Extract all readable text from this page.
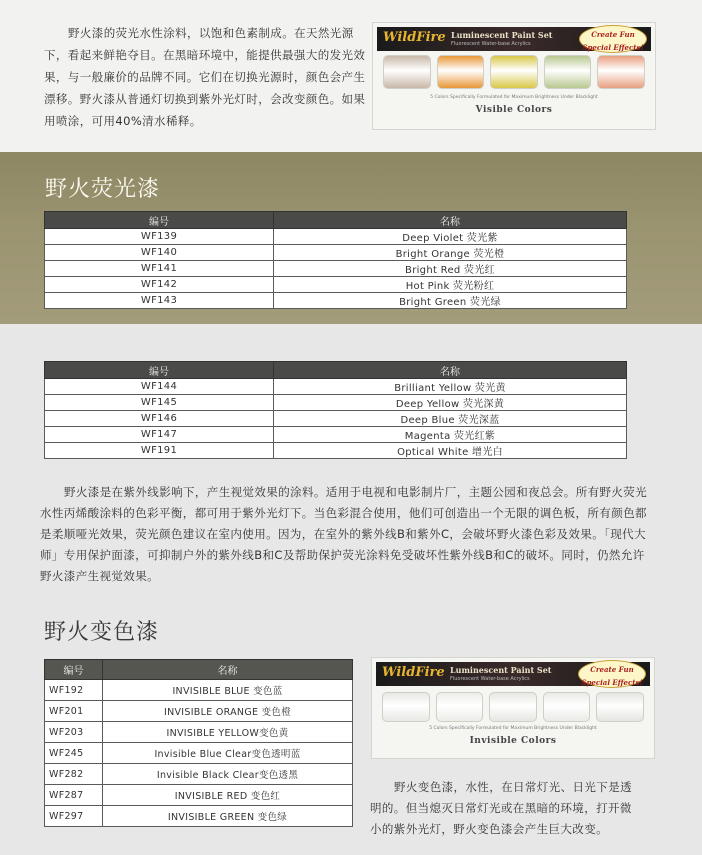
野火漆的荧光水性涂料，以饱和色素制成。在天然光源下，看起来鲜艳夺目。在黑暗环境中，能提供最强大的发光效果，与一般廉价的品牌不同。它们在切换光源时，颜色会产生漂移。野火漆从普通灯切换到紫外光灯时，会改变颜色。如果用喷涂，可用40%清水稀释。

WildFire Luminescent Paint Set
Fluorescent Water-base Acrylics
Create Fun
Special Effects!
5 Colors Specifically Formulated for Maximum Brightness Under Blacklight
Visible Colors
野火荧光漆
编号	名称
WF139	Deep Violet 荧光紫
WF140	Bright Orange 荧光橙
WF141	Bright Red 荧光红
WF142	Hot Pink 荧光粉红
WF143	Bright Green 荧光绿
编号	名称
WF144	Brilliant Yellow 荧光黄
WF145	Deep Yellow 荧光深黄
WF146	Deep Blue 荧光深蓝
WF147	Magenta 荧光红紫
WF191	Optical White 增光白

野火漆是在紫外线影响下，产生视觉效果的涂料。适用于电视和电影制片厂，主题公园和夜总会。所有野火荧光水性丙烯酸涂料的色彩平衡，都可用于紫外光灯下。当色彩混合使用，他们可创造出一个无限的调色板，所有颜色都是柔顺哑光效果，荧光颜色建议在室内使用。因为，在室外的紫外线B和紫外C，会破坏野火漆色彩及效果。「现代大师」专用保护面漆，可抑制户外的紫外线B和C及帮助保护荧光涂料免受破坏性紫外线B和C的破坏。同时，仍然允许野火漆产生视觉效果。

野火变色漆
编号	名称
WF192	INVISIBLE BLUE 变色蓝
WF201	INVISIBLE ORANGE 变色橙
WF203	INVISIBLE YELLOW变色黄
WF245	Invisible Blue Clear变色透明蓝
WF282	Invisible Black Clear变色透黑
WF287	INVISIBLE RED 变色红
WF297	INVISIBLE GREEN 变色绿
WildFire Luminescent Paint Set
Fluorescent Water-base Acrylics
Create Fun
Special Effects!
5 Colors Specifically Formulated for Maximum Brightness Under Blacklight
Invisible Colors

野火变色漆，水性，在日常灯光、日光下是透明的。但当熄灭日常灯光或在黑暗的环境，打开微小的紫外光灯，野火变色漆会产生巨大改变。
